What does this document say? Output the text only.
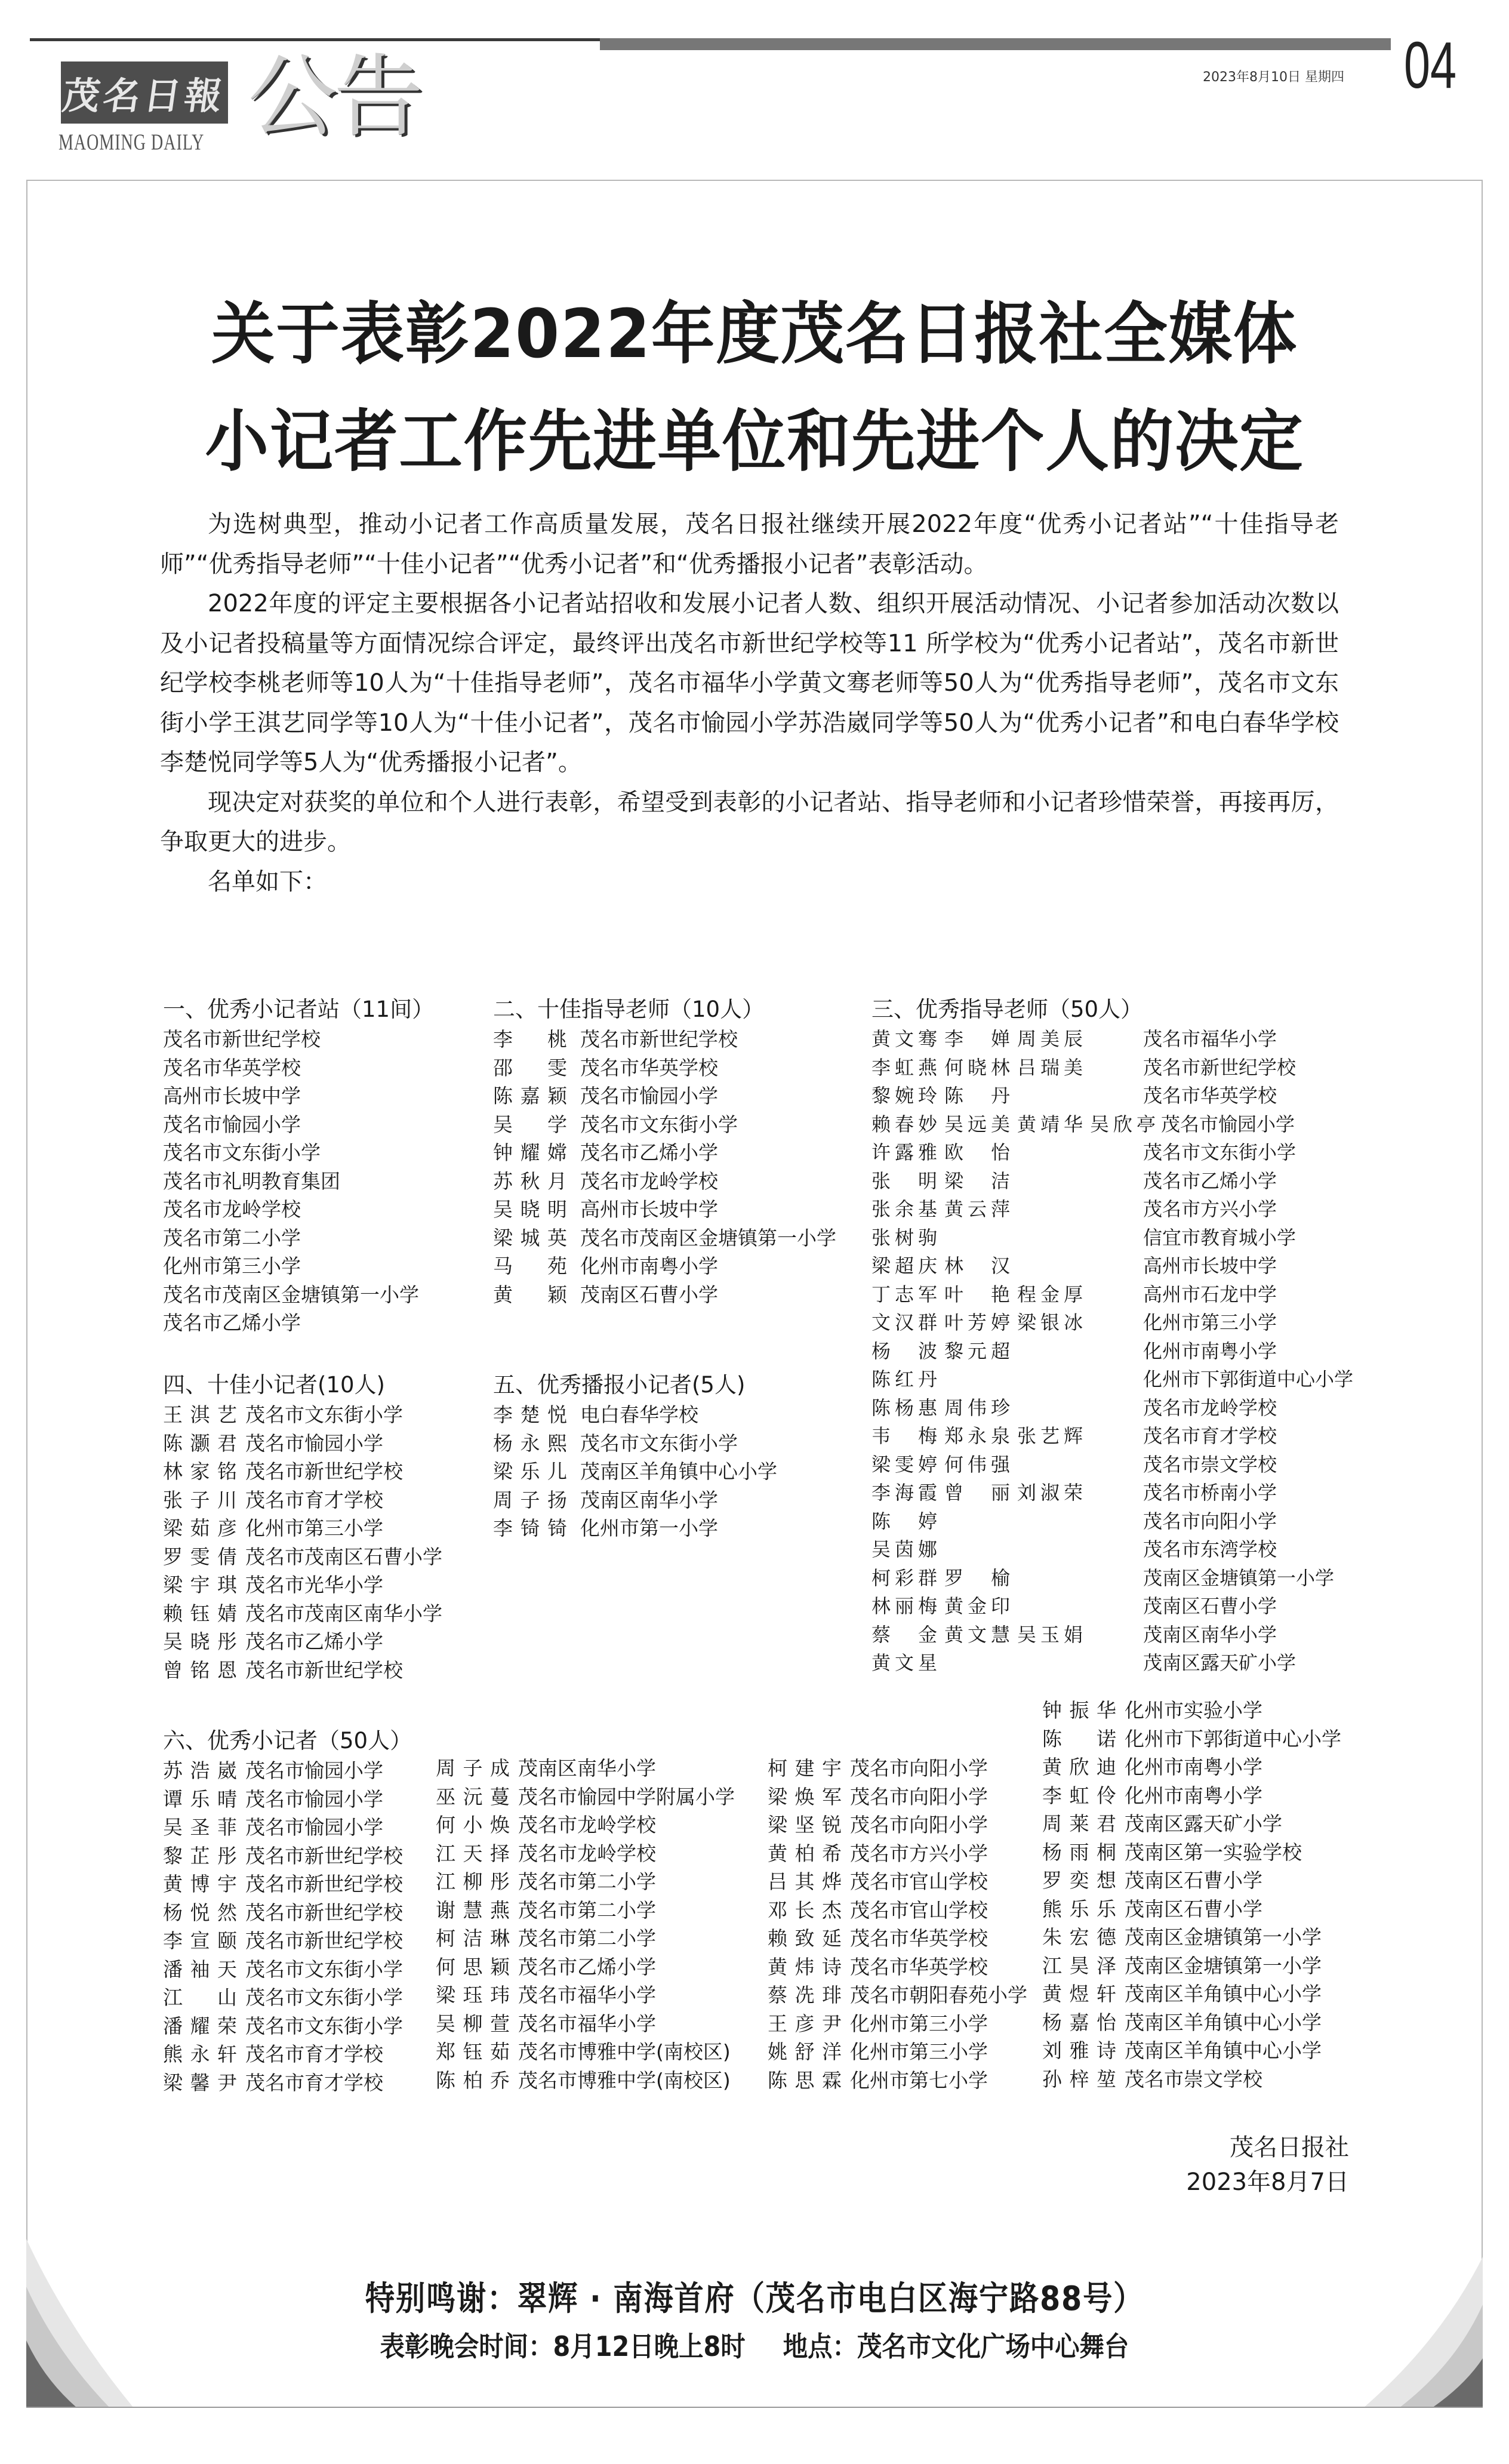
茂名日報
MAOMING DAILY 公告	2023年8月10日 星期四 04
关于表彰2022年度茂名日报社全媒体
小记者工作先进单位和先进个人的决定

为选树典型，推动小记者工作高质量发展，茂名日报社继续开展2022年度“优秀小记者站”“十佳指导老师”“优秀指导老师”“十佳小记者”“优秀小记者”和“优秀播报小记者”表彰活动。

2022年度的评定主要根据各小记者站招收和发展小记者人数、组织开展活动情况、小记者参加活动次数以及小记者投稿量等方面情况综合评定，最终评出茂名市新世纪学校等11 所学校为“优秀小记者站”，茂名市新世纪学校李桃老师等10人为“十佳指导老师”，茂名市福华小学黄文骞老师等50人为“优秀指导老师”，茂名市文东街小学王淇艺同学等10人为“十佳小记者”，茂名市愉园小学苏浩崴同学等50人为“优秀小记者”和电白春华学校李楚悦同学等5人为“优秀播报小记者”。

现决定对获奖的单位和个人进行表彰，希望受到表彰的小记者站、指导老师和小记者珍惜荣誉，再接再厉，争取更大的进步。

名单如下：

一、优秀小记者站（11间）
茂名市新世纪学校
茂名市华英学校
高州市长坡中学
茂名市愉园小学
茂名市文东街小学
茂名市礼明教育集团
茂名市龙岭学校
茂名市第二小学
化州市第三小学
茂名市茂南区金塘镇第一小学
茂名市乙烯小学
二、十佳指导老师（10人）
李桃 茂名市新世纪学校
邵雯 茂名市华英学校
陈嘉颖 茂名市愉园小学
吴学 茂名市文东街小学
钟耀嫦 茂名市乙烯小学
苏秋月 茂名市龙岭学校
吴晓明 高州市长坡中学
梁城英 茂名市茂南区金塘镇第一小学
马苑 化州市南粤小学
黄颖 茂南区石曹小学
三、优秀指导老师（50人）
黄文骞 李婵 周美辰	茂名市福华小学
李虹燕 何晓林 吕瑞美	茂名市新世纪学校
黎婉玲 陈丹	茂名市华英学校
赖春妙 吴远美 黄靖华 吴欣亭 茂名市愉园小学
许露雅 欧怡	茂名市文东街小学
张明 梁洁	茂名市乙烯小学
张余基 黄云萍	茂名市方兴小学
张树驹	信宜市教育城小学
梁超庆 林汉	高州市长坡中学
丁志军 叶艳 程金厚	高州市石龙中学
文汉群 叶芳婷 梁银冰	化州市第三小学
杨波 黎元超	化州市南粤小学
陈红丹	化州市下郭街道中心小学
陈杨惠 周伟珍	茂名市龙岭学校
韦梅 郑永泉 张艺辉	茂名市育才学校
梁雯婷 何伟强	茂名市崇文学校
李海霞 曾丽 刘淑荣	茂名市桥南小学
陈婷	茂名市向阳小学
吴茵娜	茂名市东湾学校
柯彩群 罗榆	茂南区金塘镇第一小学
林丽梅 黄金印	茂南区石曹小学
蔡金 黄文慧 吴玉娟	茂南区南华小学
黄文星	茂南区露天矿小学
四、十佳小记者(10人)
王淇艺 茂名市文东街小学
陈灏君 茂名市愉园小学
林家铭 茂名市新世纪学校
张子川 茂名市育才学校
梁茹彦 化州市第三小学
罗雯倩 茂名市茂南区石曹小学
梁宇琪 茂名市光华小学
赖钰婧 茂名市茂南区南华小学
吴晓彤 茂名市乙烯小学
曾铭恩 茂名市新世纪学校
五、优秀播报小记者(5人)
李楚悦 电白春华学校
杨永熙 茂名市文东街小学
梁乐儿 茂南区羊角镇中心小学
周子扬 茂南区南华小学
李锜锜 化州市第一小学
六、优秀小记者（50人）
苏浩崴 茂名市愉园小学
谭乐晴 茂名市愉园小学
吴圣菲 茂名市愉园小学
黎芷彤 茂名市新世纪学校
黄博宇 茂名市新世纪学校
杨悦然 茂名市新世纪学校
李宣颐 茂名市新世纪学校
潘袖天 茂名市文东街小学
江山 茂名市文东街小学
潘耀荣 茂名市文东街小学
熊永轩 茂名市育才学校
梁馨尹 茂名市育才学校
周子成 茂南区南华小学
巫沅蔓 茂名市愉园中学附属小学
何小焕 茂名市龙岭学校
江天择 茂名市龙岭学校
江柳彤 茂名市第二小学
谢慧燕 茂名市第二小学
柯洁琳 茂名市第二小学
何思颖 茂名市乙烯小学
梁珏玮 茂名市福华小学
吴柳萱 茂名市福华小学
郑钰茹 茂名市博雅中学(南校区)
陈柏乔 茂名市博雅中学(南校区)
柯建宇 茂名市向阳小学
梁焕军 茂名市向阳小学
梁坚锐 茂名市向阳小学
黄柏希 茂名市方兴小学
吕其烨 茂名市官山学校
邓长杰 茂名市官山学校
赖致延 茂名市华英学校
黄炜诗 茂名市华英学校
蔡冼琲 茂名市朝阳春苑小学
王彦尹 化州市第三小学
姚舒洋 化州市第三小学
陈思霖 化州市第七小学
钟振华 化州市实验小学
陈诺 化州市下郭街道中心小学
黄欣迪 化州市南粤小学
李虹伶 化州市南粤小学
周莱君 茂南区露天矿小学
杨雨桐 茂南区第一实验学校
罗奕想 茂南区石曹小学
熊乐乐 茂南区石曹小学
朱宏德 茂南区金塘镇第一小学
江昊泽 茂南区金塘镇第一小学
黄煜轩 茂南区羊角镇中心小学
杨嘉怡 茂南区羊角镇中心小学
刘雅诗 茂南区羊角镇中心小学
孙梓堃 茂名市崇文学校
茂名日报社
2023年8月7日
特别鸣谢：翠辉 · 南海首府（茂名市电白区海宁路88号）
表彰晚会时间：8月12日晚上8时 地点：茂名市文化广场中心舞台
